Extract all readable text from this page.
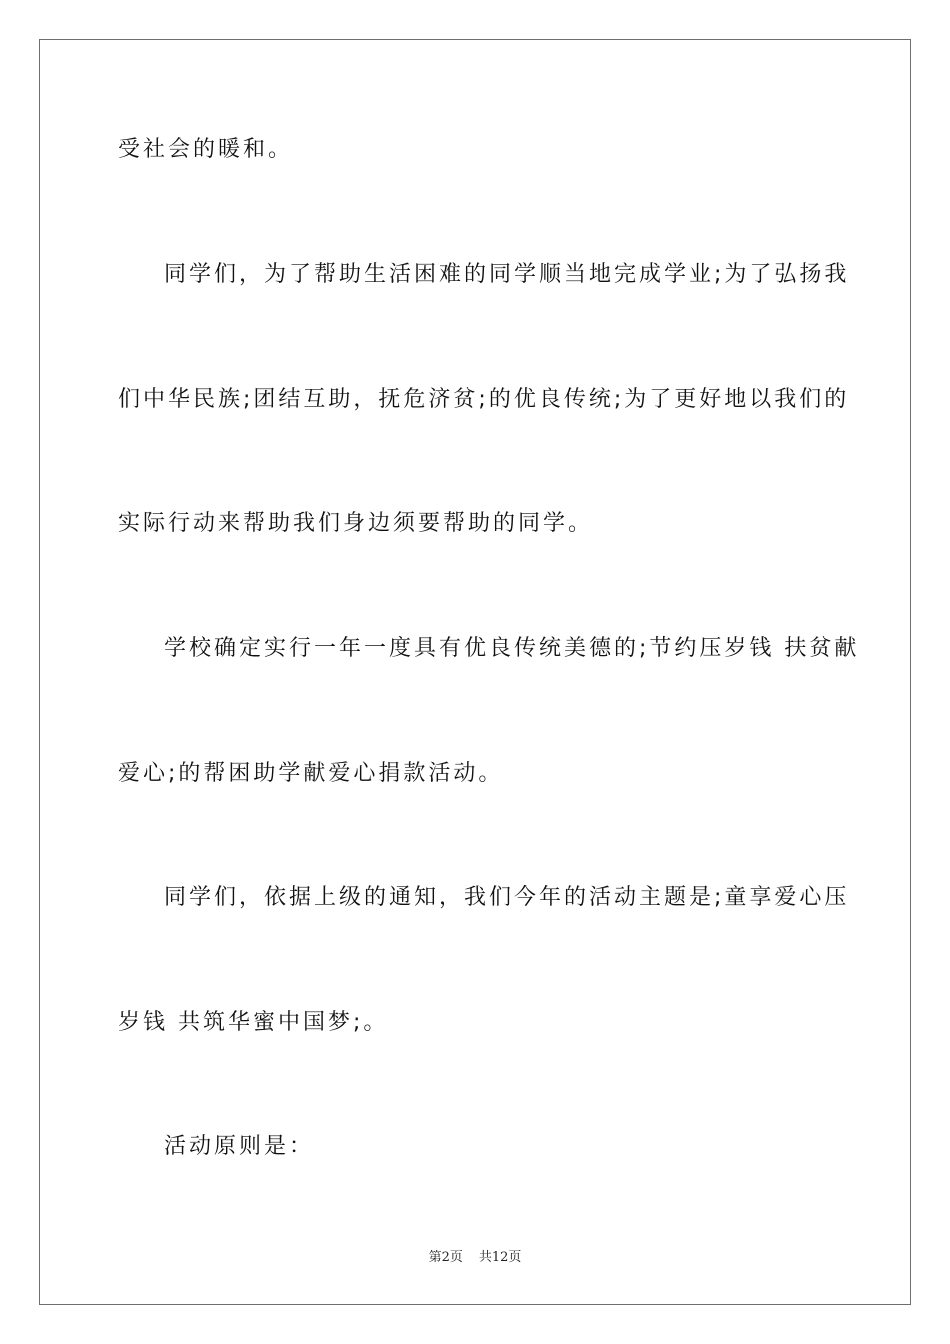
受社会的暖和。
同学们，为了帮助生活困难的同学顺当地完成学业;为了弘扬我
们中华民族;团结互助，抚危济贫;的优良传统;为了更好地以我们的
实际行动来帮助我们身边须要帮助的同学。
学校确定实行一年一度具有优良传统美德的;节约压岁钱 扶贫献
爱心;的帮困助学献爱心捐款活动。
同学们，依据上级的通知，我们今年的活动主题是;童享爱心压
岁钱 共筑华蜜中国梦;。
活动原则是：
第2页 共12页
